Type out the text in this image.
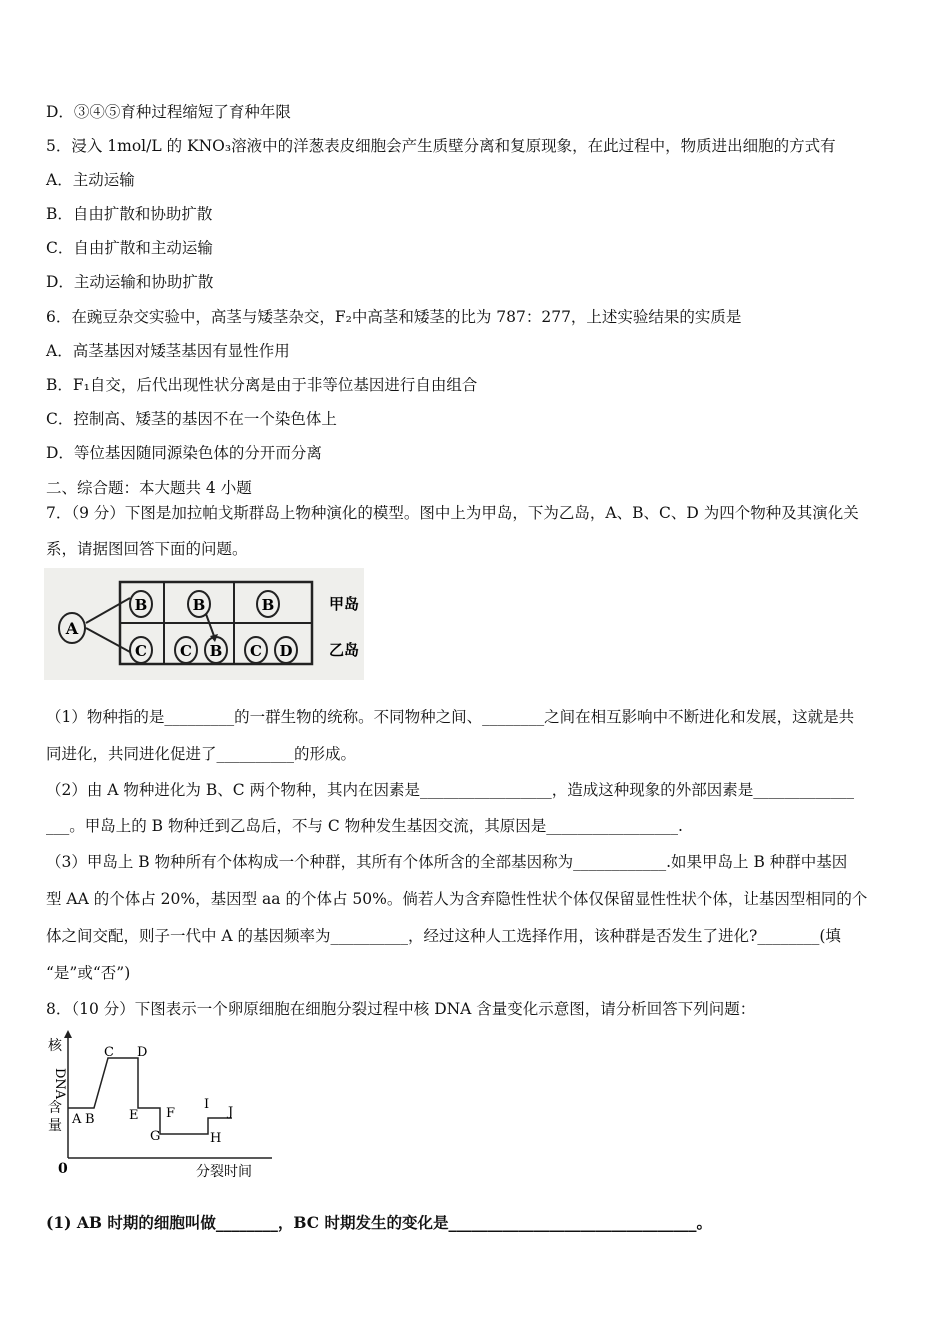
D．③④⑤育种过程缩短了育种年限
5．浸入 1mol/L 的 KNO₃溶液中的洋葱表皮细胞会产生质壁分离和复原现象，在此过程中，物质进出细胞的方式有
A．主动运输
B．自由扩散和协助扩散
C．自由扩散和主动运输
D．主动运输和协助扩散
6．在豌豆杂交实验中，高茎与矮茎杂交，F₂中高茎和矮茎的比为 787：277，上述实验结果的实质是
A．高茎基因对矮茎基因有显性作用
B．F₁自交，后代出现性状分离是由于非等位基因进行自由组合
C．控制高、矮茎的基因不在一个染色体上
D．等位基因随同源染色体的分开而分离
二、综合题：本大题共 4 小题
7．（9 分）下图是加拉帕戈斯群岛上物种演化的模型。图中上为甲岛，下为乙岛，A、B、C、D 为四个物种及其演化关
系，请据图回答下面的问题。
A
B	B	B
C C B C D
甲岛
乙岛
（1）物种指的是_________的一群生物的统称。不同物种之间、________之间在相互影响中不断进化和发展，这就是共
同进化，共同进化促进了__________的形成。
（2）由 A 物种进化为 B、C 两个物种，其内在因素是_________________，造成这种现象的外部因素是_____________
___。甲岛上的 B 物种迁到乙岛后，不与 C 物种发生基因交流，其原因是_________________.
（3）甲岛上 B 物种所有个体构成一个种群，其所有个体所含的全部基因称为____________.如果甲岛上 B 种群中基因
型 AA 的个体占 20%，基因型 aa 的个体占 50%。倘若人为含弃隐性性状个体仅保留显性性状个体，让基因型相同的个
体之间交配，则子一代中 A 的基因频率为__________，经过这种人工选择作用，该种群是否发生了进化?________(填
“是”或“否”)
8．（10 分）下图表示一个卵原细胞在细胞分裂过程中核 DNA 含量变化示意图，请分析回答下列问题：
核
DNA
含
量
0	分裂时间
A B
C D
E F
G	H
I
J
(1) AB 时期的细胞叫做________，BC 时期发生的变化是________________________________。
